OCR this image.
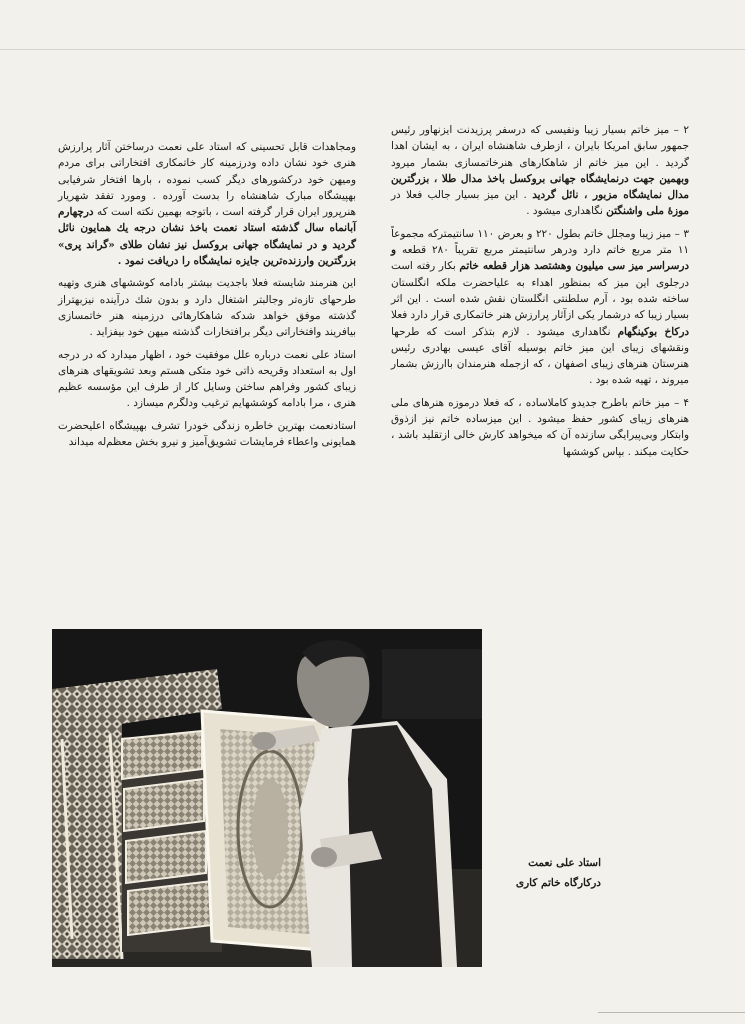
۲ – میز خاتم بسیار زیبا ونفیسی که درسفر پرزیدنت ایزنهاور رئیس جمهور سابق امریکا بایران ، ازطرف شاهنشاه ایران ، به ایشان اهدا گردید . این میز خاتم از شاهکارهای هنرخاتمسازی بشمار میرود وبهمین جهت درنمایشگاه جهانی بروکسل باخذ مدال طلا ، بزرگترین مدال نمایشگاه مزبور ، نائل گردید . این میز بسیار جالب فعلا در موزهٔ ملی واشنگتن نگاهداری میشود .

۳ – میز زیبا ومجلل خاتم بطول ۲۲۰ و بعرض ۱۱۰ سانتیمترکه مجموعاً ۱۱ متر مربع خاتم دارد ودرهر سانتیمتر مربع تقریباً ۲۸۰ قطعه و درسراسر میز سی میلیون وهشتصد هزار قطعه خاتم بکار رفته است درجلوی این میز که بمنظور اهداء به علیاحضرت ملکه انگلستان ساخته شده بود ، آرم سلطنتی انگلستان نقش شده است . این اثر بسیار زیبا که درشمار یکی ازآثار پرارزش هنر خاتمکاری قرار دارد فعلا درکاخ بوکینگهام نگاهداری میشود . لازم بتذکر است که طرحها ونقشهای زیبای این میز خاتم بوسیله آقای عیسی بهادری رئیس هنرستان هنرهای زیبای اصفهان ، که ازجمله هنرمندان باارزش بشمار میروند ، تهیه شده بود .

۴ – میز خاتم باطرح جدیدو کاملاساده ، که فعلا درموزه هنرهای ملی هنرهای زیبای کشور حفظ میشود . این میزساده خاتم نیز ازذوق وابتکار وبی‌پیرایگی سازنده آن که میخواهد کارش خالی ازتقلید باشد ، حکایت میکند . بپاس کوششها

ومجاهدات قابل تحسینی که استاد علی نعمت درساختن آثار پرارزش هنری خود نشان داده ودرزمینه کار خاتمکاری افتخاراتی برای مردم ومیهن خود درکشورهای دیگر کسب نموده ، بارها افتخار شرفیابی بهپیشگاه مبارک شاهنشاه را بدست آورده . ومورد تفقد شهریار هنرپرور ایران قرار گرفته است ، باتوجه بهمین نکته است که درچهارم آبانماه سال گذشته استاد نعمت باخذ نشان درجه یك همایون نائل گردید و در نمایشگاه جهانی بروکسل نیز نشان طلای «گراند پری» بزرگترین وارزنده‌ترین جایزه نمایشگاه را دریافت نمود .

این هنرمند شایسته فعلا باجدیت بیشتر بادامه کوششهای هنری وتهیه طرحهای تازه‌تر وجالبتر اشتغال دارد و بدون شك درآینده نیزبهتراز گذشته موفق خواهد شدکه شاهکارهائی درزمینه هنر خاتمسازی بیافریند وافتخاراتی دیگر برافتخارات گذشته میهن خود بیفزاید .

استاد علی نعمت درباره علل موفقیت خود ، اظهار میدارد که در درجه اول به استعداد وقریحه ذاتی خود متکی هستم وبعد تشویقهای هنرهای زیبای کشور وفراهم ساختن وسایل کار از طرف این مؤسسه عظیم هنری ، مرا بادامه کوششهایم ترغیب ودلگرم میسازد .

استادنعمت بهترین خاطره زندگی خودرا تشرف بهپیشگاه اعلیحضرت همایونی واعطاء فرمایشات تشویق‌آمیز و نیرو بخش معظم‌له میداند

استاد علی نعمت
درکارگاه خاتم کاری
